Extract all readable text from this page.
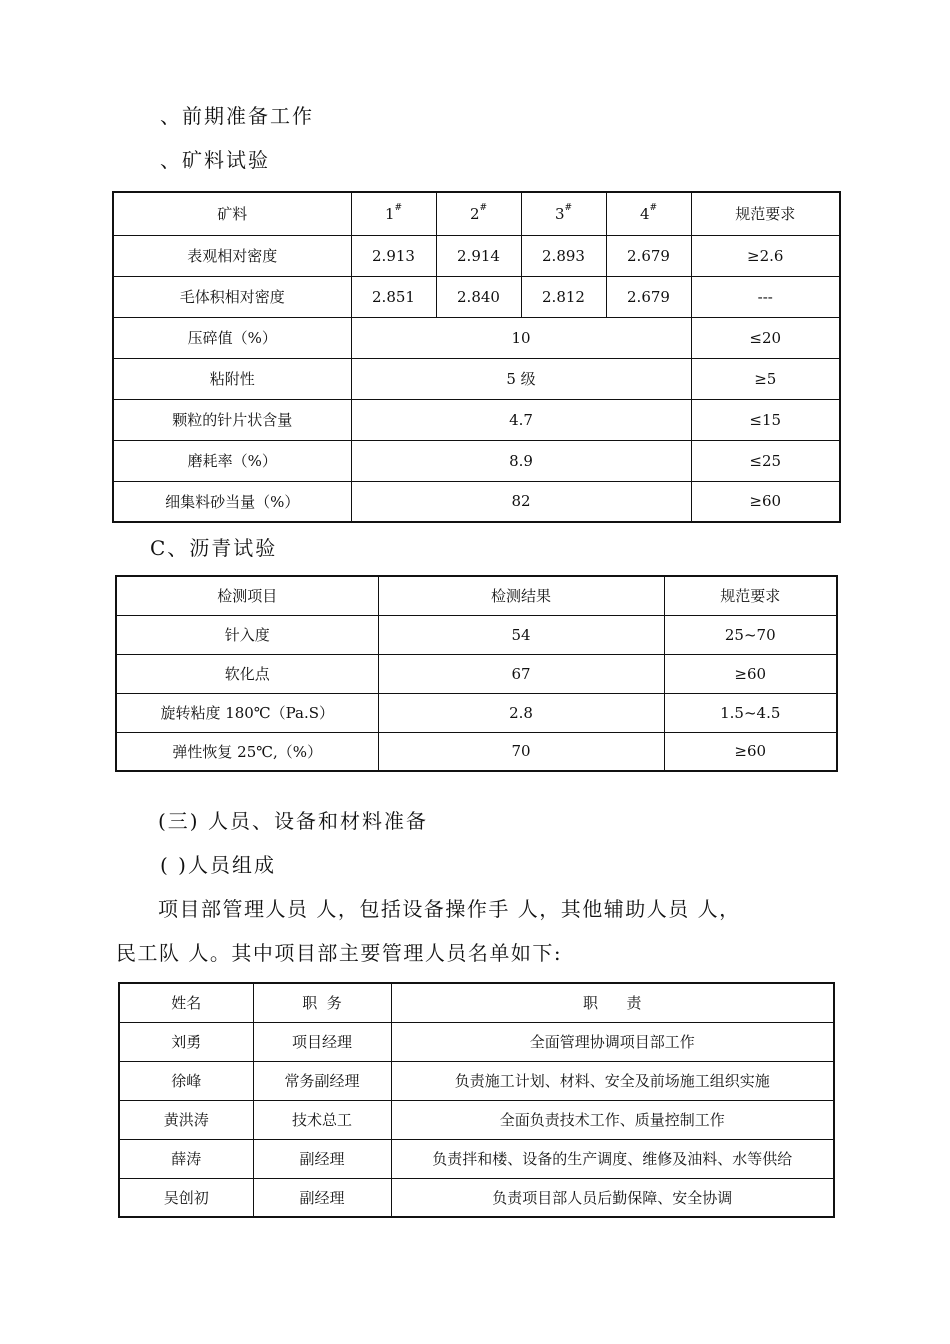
、前期准备工作
、矿料试验
矿料	1#	2#	3#	4#	规范要求
表观相对密度	2.913	2.914	2.893	2.679	≥2.6
毛体积相对密度	2.851	2.840	2.812	2.679	---
压碎值（%）	10				≤20
粘附性	5 级				≥5
颗粒的针片状含量	4.7				≤15
磨耗率（%）	8.9				≤25
细集料砂当量（%）	82				≥60
C、沥青试验
检测项目	检测结果	规范要求
针入度	54	25~70
软化点	67	≥60
旋转粘度 180℃（Pa.S）	2.8	1.5~4.5
弹性恢复 25℃,（%）	70	≥60
(三) 人员、设备和材料准备
( )人员组成
项目部管理人员 人，包括设备操作手 人，其他辅助人员 人，
民工队 人。其中项目部主要管理人员名单如下:
姓名	职  务	职      责
刘勇	项目经理	全面管理协调项目部工作
徐峰	常务副经理	负责施工计划、材料、安全及前场施工组织实施
黄洪涛	技术总工	全面负责技术工作、质量控制工作
薛涛	副经理	负责拌和楼、设备的生产调度、维修及油料、水等供给
吴创初	副经理	负责项目部人员后勤保障、安全协调
